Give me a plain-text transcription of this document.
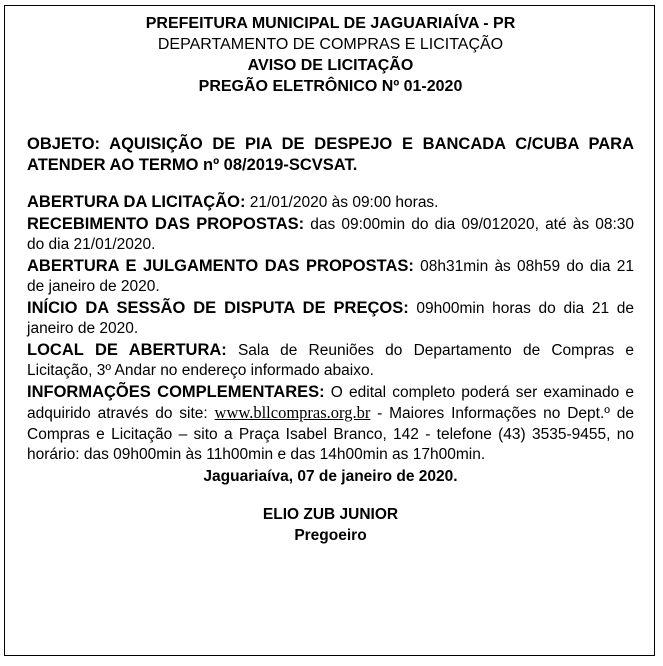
PREFEITURA MUNICIPAL DE JAGUARIAÍVA - PR
DEPARTAMENTO DE COMPRAS E LICITAÇÃO
AVISO DE LICITAÇÃO
PREGÃO ELETRÔNICO Nº 01-2020

OBJETO: AQUISIÇÃO DE PIA DE DESPEJO E BANCADA C/CUBA PARA ATENDER AO TERMO nº 08/2019-SCVSAT.

ABERTURA DA LICITAÇÃO: 21/01/2020 às 09:00 horas.

RECEBIMENTO DAS PROPOSTAS: das 09:00min do dia 09/012020, até às 08:30 do dia 21/01/2020.

ABERTURA E JULGAMENTO DAS PROPOSTAS: 08h31min às 08h59 do dia 21 de janeiro de 2020.

INÍCIO DA SESSÃO DE DISPUTA DE PREÇOS: 09h00min horas do dia 21 de janeiro de 2020.

LOCAL DE ABERTURA: Sala de Reuniões do Departamento de Compras e Licitação, 3º Andar no endereço informado abaixo.

INFORMAÇÕES COMPLEMENTARES: O edital completo poderá ser examinado e adquirido através do site: www.bllcompras.org.br - Maiores Informações no Dept.º de Compras e Licitação – sito a Praça Isabel Branco, 142 - telefone (43) 3535-9455, no horário: das 09h00min às 11h00min e das 14h00min as 17h00min.

Jaguariaíva, 07 de janeiro de 2020.
ELIO ZUB JUNIOR
Pregoeiro
